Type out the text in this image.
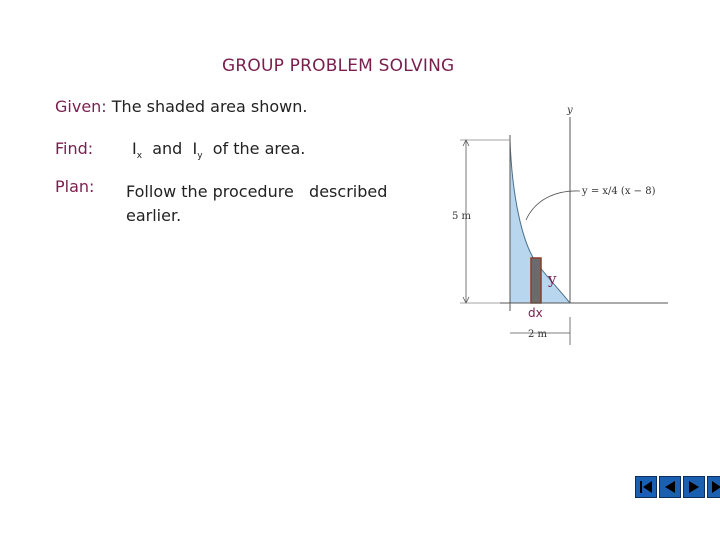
GROUP PROBLEM SOLVING
Given: The shaded area shown.
Find: $I_x$ and $I_y$ of the area.
Plan: Follow the procedure   described
earlier.	5 m
2 m
y
y = x/4 (x − 8)
y
dx
